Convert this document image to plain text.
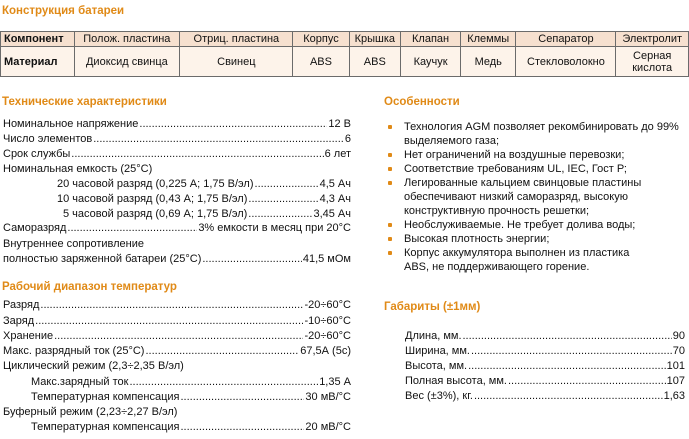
Конструкция батареи
Компонент	Полож. пластина	Отриц. пластина	Корпус	Крышка	Клапан	Клеммы	Сепаратор	Электролит
Материал	Диоксид свинца	Свинец	ABS	ABS	Каучук	Медь	Стекловолокно	Серная кислота
Технические характеристики
Номинальное напряжение .....	12 В
Число элементов .....	6
Срок службы .....	6 лет
Номинальная емкость (25°C)
20 часовой разряд (0,225 А; 1,75 В/эл) .....	4,5 Ач
10 часовой разряд (0,43 А; 1,75 В/эл) .....	4,3 Ач
5 часовой разряд (0,69 А; 1,75 В/эл) .....	3,45 Ач
Саморазряд .....	3% емкости в месяц при 20°C
Внутреннее сопротивление
полностью заряженной батареи (25°C) .....	41,5 мОм
Рабочий диапазон температур
Разряд .....	-20÷60°C
Заряд .....	-10÷60°C
Хранение .....	-20÷60°C
Макс. разрядный ток (25°C) .....	67,5А (5с)
Циклический режим (2,3÷2,35 В/эл)
Макс.зарядный ток .....	1,35 А
Температурная компенсация .....	30 мВ/°C
Буферный режим (2,23÷2,27 В/эл)
Температурная компенсация .....	20 мВ/°C
Особенности
Технология AGM позволяет рекомбинировать до 99% выделяемого газа;
Нет ограничений на воздушные перевозки;
Соответствие требованиям UL, IEC, Гост Р;
Легированные кальцием свинцовые пластины обеспечивают низкий саморазряд, высокую конструктивную прочность решетки;
Необслуживаемые. Не требует долива воды;
Высокая плотность энергии;
Корпус аккумулятора выполнен из пластика ABS, не поддерживающего горение.
Габариты (±1мм)
Длина, мм. .....	90
Ширина, мм. .....	70
Высота, мм. .....	101
Полная высота, мм. .....	107
Вес (±3%), кг. .....	1,63
